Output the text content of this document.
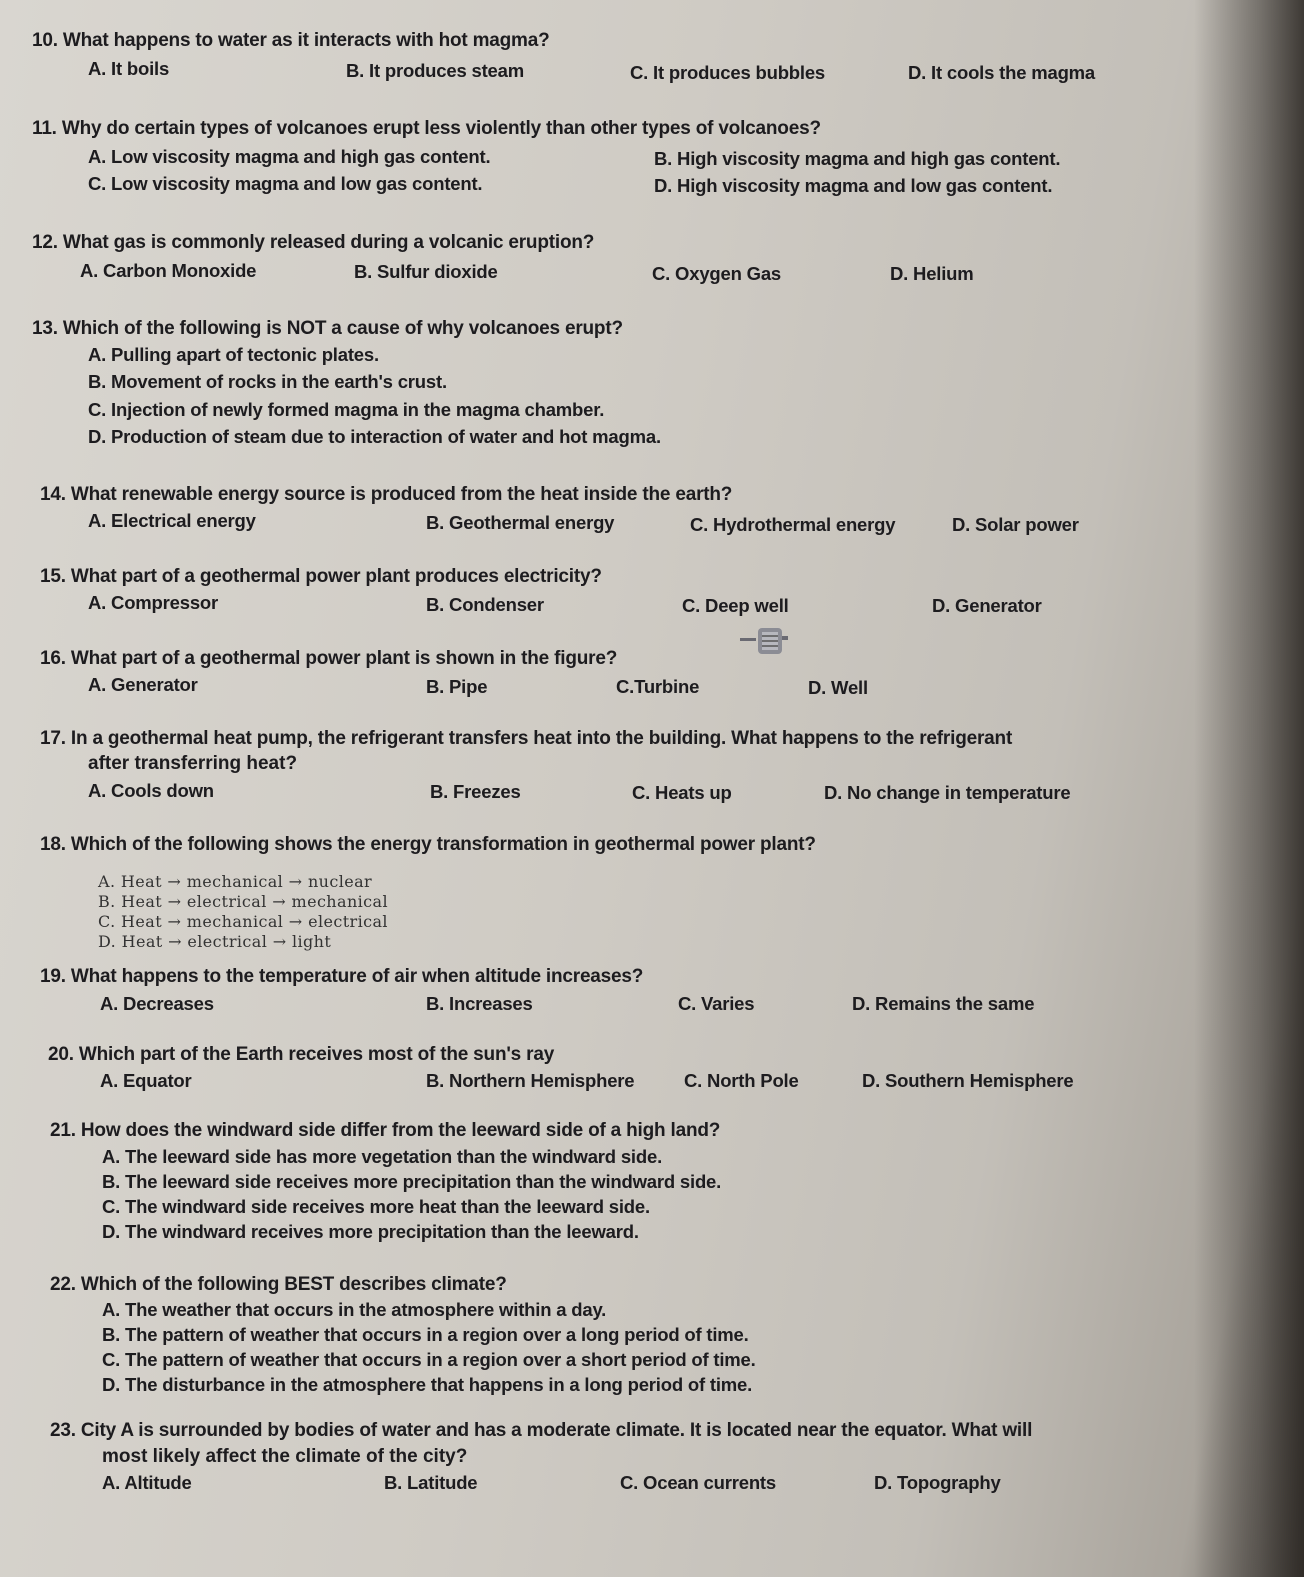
10. What happens to water as it interacts with hot magma?
A. It boils	B. It produces steam	C. It produces bubbles	D. It cools the magma
11. Why do certain types of volcanoes erupt less violently than other types of volcanoes?
A. Low viscosity magma and high gas content.	B. High viscosity magma and high gas content.
C. Low viscosity magma and low gas content.	D. High viscosity magma and low gas content.
12. What gas is commonly released during a volcanic eruption?
A. Carbon Monoxide	B. Sulfur dioxide	C. Oxygen Gas	D. Helium
13. Which of the following is NOT a cause of why volcanoes erupt?
A. Pulling apart of tectonic plates.
B. Movement of rocks in the earth's crust.
C. Injection of newly formed magma in the magma chamber.
D. Production of steam due to interaction of water and hot magma.
14. What renewable energy source is produced from the heat inside the earth?
A. Electrical energy	B. Geothermal energy	C. Hydrothermal energy	D. Solar power
15. What part of a geothermal power plant produces electricity?
A. Compressor	B. Condenser	C. Deep well	D. Generator
16. What part of a geothermal power plant is shown in the figure?
A. Generator	B. Pipe	C.Turbine	D. Well
17. In a geothermal heat pump, the refrigerant transfers heat into the building. What happens to the refrigerant
after transferring heat?
A. Cools down	B. Freezes	C. Heats up	D. No change in temperature
18. Which of the following shows the energy transformation in geothermal power plant?
A. Heat → mechanical → nuclear
B. Heat → electrical → mechanical
C. Heat → mechanical → electrical
D. Heat → electrical → light
19. What happens to the temperature of air when altitude increases?
A. Decreases	B. Increases	C. Varies	D. Remains the same
20. Which part of the Earth receives most of the sun's ray
A. Equator	B. Northern Hemisphere	C. North Pole	D. Southern Hemisphere
21. How does the windward side differ from the leeward side of a high land?
A. The leeward side has more vegetation than the windward side.
B. The leeward side receives more precipitation than the windward side.
C. The windward side receives more heat than the leeward side.
D. The windward receives more precipitation than the leeward.
22. Which of the following BEST describes climate?
A. The weather that occurs in the atmosphere within a day.
B. The pattern of weather that occurs in a region over a long period of time.
C. The pattern of weather that occurs in a region over a short period of time.
D. The disturbance in the atmosphere that happens in a long period of time.
23. City A is surrounded by bodies of water and has a moderate climate. It is located near the equator. What will
most likely affect the climate of the city?
A. Altitude	B. Latitude	C. Ocean currents	D. Topography
